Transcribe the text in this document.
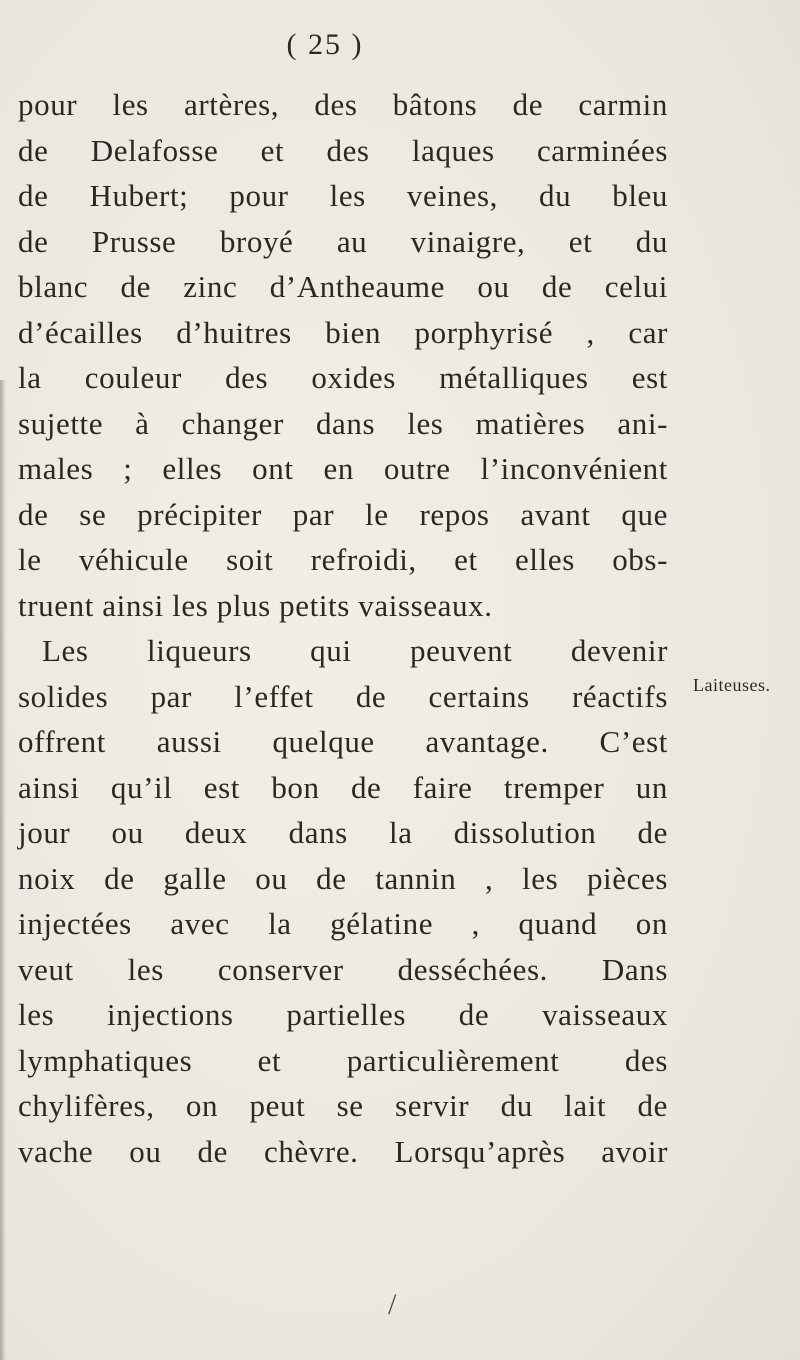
( 25 )
pour les artères, des bâtons de carmin
de Delafosse et des laques carminées
de Hubert; pour les veines, du bleu
de Prusse broyé au vinaigre, et du
blanc de zinc d’Antheaume ou de celui
d’écailles d’huitres bien porphyrisé , car
la couleur des oxides métalliques est
sujette à changer dans les matières ani-
males ; elles ont en outre l’inconvénient
de se précipiter par le repos avant que
le véhicule soit refroidi, et elles obs-
truent ainsi les plus petits vaisseaux.
Les liqueurs qui peuvent devenir
solides par l’effet de certains réactifs
offrent aussi quelque avantage. C’est
ainsi qu’il est bon de faire tremper un
jour ou deux dans la dissolution de
noix de galle ou de tannin , les pièces
injectées avec la gélatine , quand on
veut les conserver desséchées. Dans
les injections partielles de vaisseaux
lymphatiques et particulièrement des
chylifères, on peut se servir du lait de
vache ou de chèvre. Lorsqu’après avoir
Laiteuses.
/
